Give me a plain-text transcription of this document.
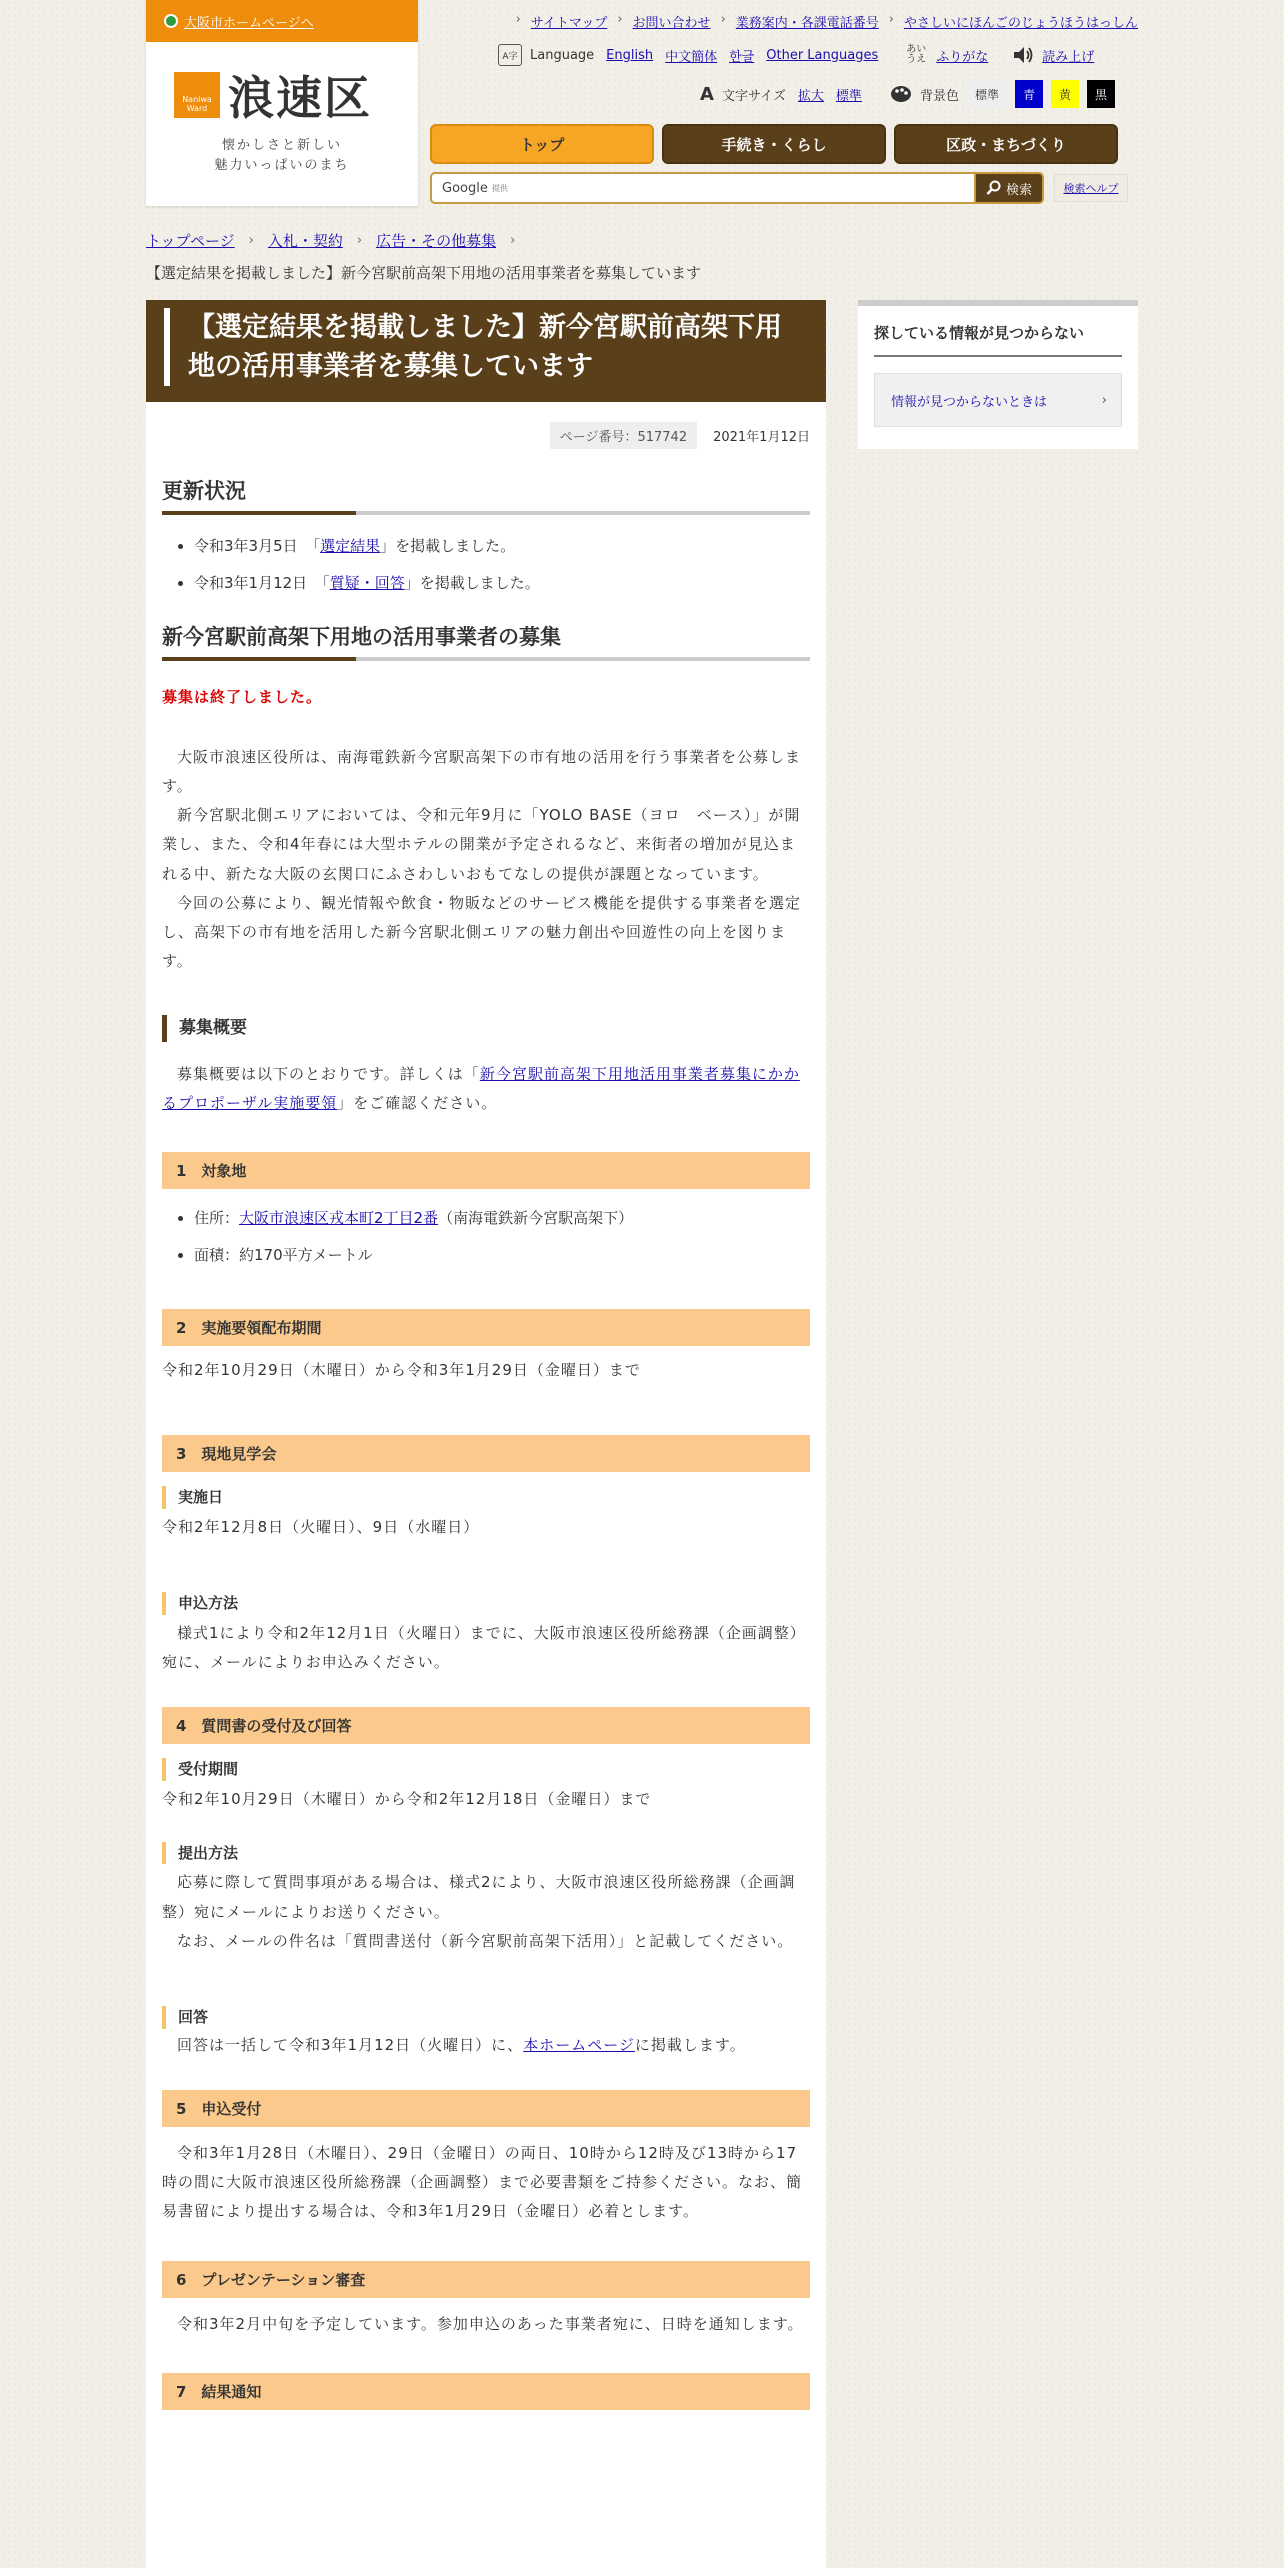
大阪市ホームページへ
Naniwa Ward 浪速区
懐かしさと新しい
魅力いっぱいのまち
› サイトマップ › お問い合わせ › 業務案内・各課電話番号 › やさしいにほんごのじょうほうはっしん
A字 Language English 中文簡体 한글 Other Languages	あいうえ ふりがな	読み上げ
A 文字サイズ 拡大 標準	背景色	標準	青	黄	黒
トップ	手続き・くらし	区政・まちづくり
Google 提供	検索	検索ヘルプ
トップページ › 入札・契約 › 広告・その他募集 ›
【選定結果を掲載しました】新今宮駅前高架下用地の活用事業者を募集しています
【選定結果を掲載しました】新今宮駅前高架下用地の活用事業者を募集しています
ページ番号：517742	2021年1月12日
更新状況
• 令和3年3月5日　「選定結果」を掲載しました。
• 令和3年1月12日　「質疑・回答」を掲載しました。
新今宮駅前高架下用地の活用事業者の募集

募集は終了しました。

大阪市浪速区役所は、南海電鉄新今宮駅高架下の市有地の活用を行う事業者を公募します。

新今宮駅北側エリアにおいては、令和元年9月に「YOLO BASE（ヨロ　ベース）」が開業し、また、令和4年春には大型ホテルの開業が予定されるなど、来街者の増加が見込まれる中、新たな大阪の玄関口にふさわしいおもてなしの提供が課題となっています。

今回の公募により、観光情報や飲食・物販などのサービス機能を提供する事業者を選定し、高架下の市有地を活用した新今宮駅北側エリアの魅力創出や回遊性の向上を図ります。

募集概要

募集概要は以下のとおりです。詳しくは「新今宮駅前高架下用地活用事業者募集にかかるプロポーザル実施要領」をご確認ください。

1　対象地
• 住所：大阪市浪速区戎本町2丁目2番（南海電鉄新今宮駅高架下）
• 面積：約170平方メートル
2　実施要領配布期間

令和2年10月29日（木曜日）から令和3年1月29日（金曜日）まで

3　現地見学会
実施日

令和2年12月8日（火曜日）、9日（水曜日）

申込方法

様式1により令和2年12月1日（火曜日）までに、大阪市浪速区役所総務課（企画調整）宛に、メールによりお申込みください。

4　質問書の受付及び回答
受付期間

令和2年10月29日（木曜日）から令和2年12月18日（金曜日）まで

提出方法

応募に際して質問事項がある場合は、様式2により、大阪市浪速区役所総務課（企画調整）宛にメールによりお送りください。

なお、メールの件名は「質問書送付（新今宮駅前高架下活用）」と記載してください。

回答

回答は一括して令和3年1月12日（火曜日）に、本ホームページに掲載します。

5　申込受付

令和3年1月28日（木曜日）、29日（金曜日）の両日、10時から12時及び13時から17時の間に大阪市浪速区役所総務課（企画調整）まで必要書類をご持参ください。なお、簡易書留により提出する場合は、令和3年1月29日（金曜日）必着とします。

6　プレゼンテーション審査

令和3年2月中旬を予定しています。参加申込のあった事業者宛に、日時を通知します。

7　結果通知
探している情報が見つからない
情報が見つからないときは	›
